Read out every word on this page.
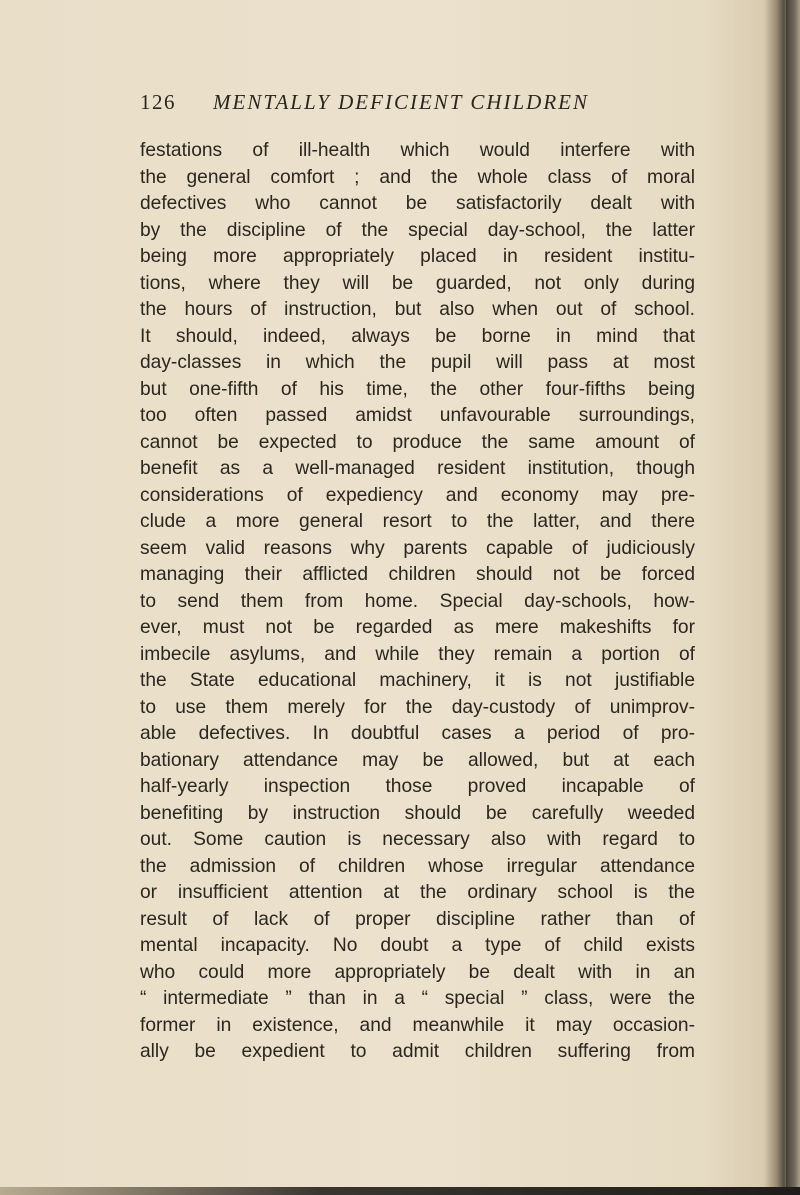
126 MENTALLY DEFICIENT CHILDREN
festations of ill-health which would interfere with
the general comfort ; and the whole class of moral
defectives who cannot be satisfactorily dealt with
by the discipline of the special day-school, the latter
being more appropriately placed in resident institu-
tions, where they will be guarded, not only during
the hours of instruction, but also when out of school.
It should, indeed, always be borne in mind that
day-classes in which the pupil will pass at most
but one-fifth of his time, the other four-fifths being
too often passed amidst unfavourable surroundings,
cannot be expected to produce the same amount of
benefit as a well-managed resident institution, though
considerations of expediency and economy may pre-
clude a more general resort to the latter, and there
seem valid reasons why parents capable of judiciously
managing their afflicted children should not be forced
to send them from home. Special day-schools, how-
ever, must not be regarded as mere makeshifts for
imbecile asylums, and while they remain a portion of
the State educational machinery, it is not justifiable
to use them merely for the day-custody of unimprov-
able defectives. In doubtful cases a period of pro-
bationary attendance may be allowed, but at each
half-yearly inspection those proved incapable of
benefiting by instruction should be carefully weeded
out. Some caution is necessary also with regard to
the admission of children whose irregular attendance
or insufficient attention at the ordinary school is the
result of lack of proper discipline rather than of
mental incapacity. No doubt a type of child exists
who could more appropriately be dealt with in an
“ intermediate ” than in a “ special ” class, were the
former in existence, and meanwhile it may occasion-
ally be expedient to admit children suffering from
